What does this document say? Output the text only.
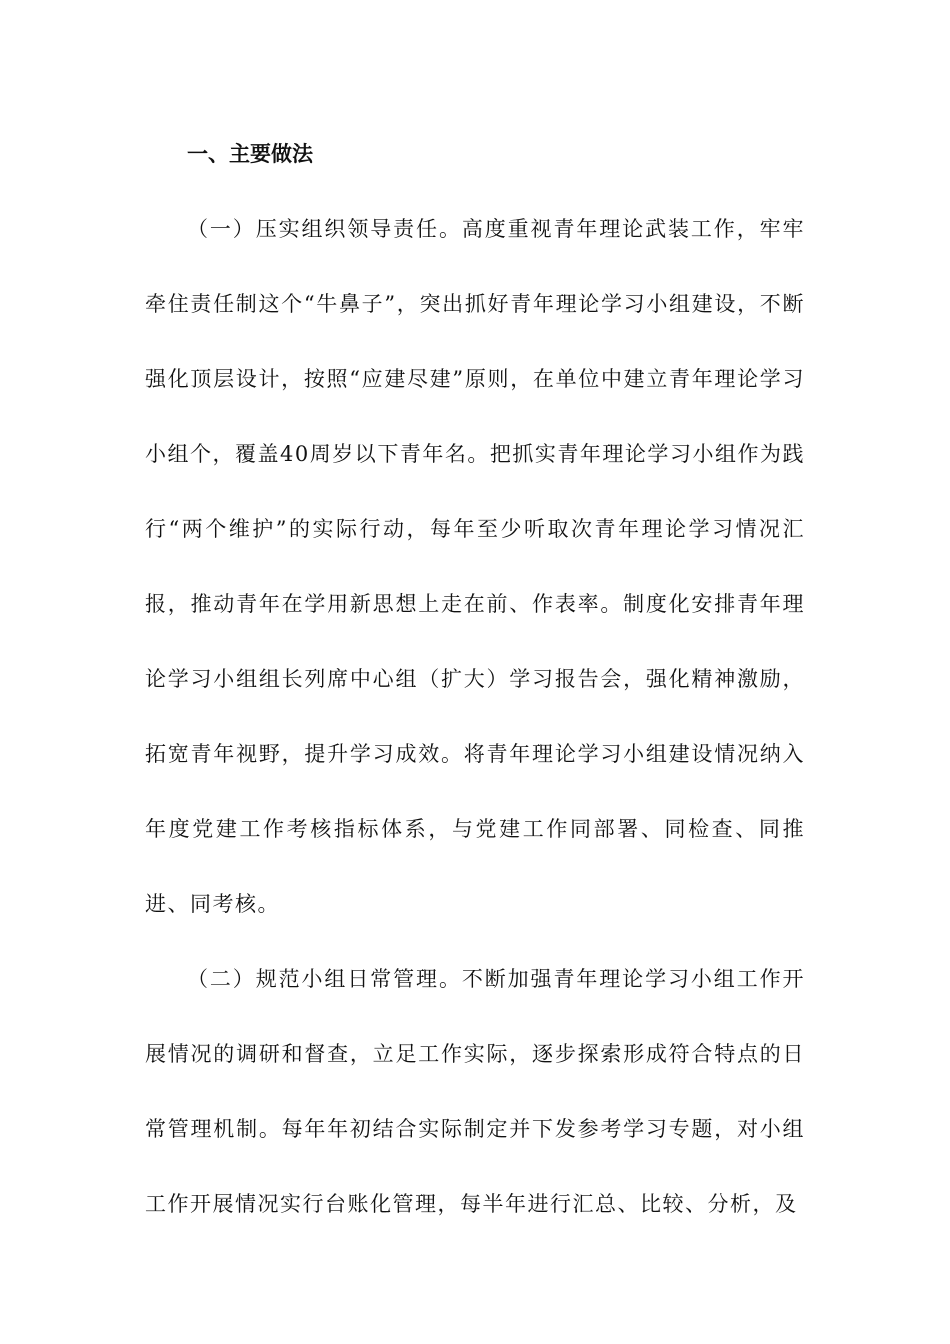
一、主要做法

（一）压实组织领导责任。高度重视青年理论武装工作，牢牢牵住责任制这个“牛鼻子”，突出抓好青年理论学习小组建设，不断强化顶层设计，按照“应建尽建”原则，在单位中建立青年理论学习小组个，覆盖40周岁以下青年名。把抓实青年理论学习小组作为践行“两个维护”的实际行动，每年至少听取次青年理论学习情况汇报，推动青年在学用新思想上走在前、作表率。制度化安排青年理论学习小组组长列席中心组（扩大）学习报告会，强化精神激励，拓宽青年视野，提升学习成效。将青年理论学习小组建设情况纳入年度党建工作考核指标体系，与党建工作同部署、同检查、同推进、同考核。

（二）规范小组日常管理。不断加强青年理论学习小组工作开展情况的调研和督查，立足工作实际，逐步探索形成符合特点的日常管理机制。每年年初结合实际制定并下发参考学习专题，对小组工作开展情况实行台账化管理，每半年进行汇总、比较、分析，及
